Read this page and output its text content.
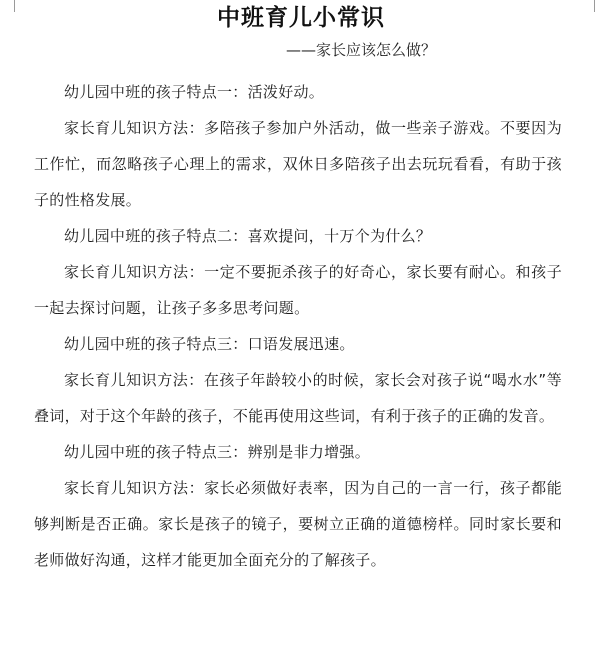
中班育儿小常识
——家长应该怎么做？

幼儿园中班的孩子特点一：活泼好动。

家长育儿知识方法：多陪孩子参加户外活动，做一些亲子游戏。不要因为工作忙，而忽略孩子心理上的需求，双休日多陪孩子出去玩玩看看，有助于孩子的性格发展。

幼儿园中班的孩子特点二：喜欢提问，十万个为什么？

家长育儿知识方法：一定不要扼杀孩子的好奇心，家长要有耐心。和孩子一起去探讨问题，让孩子多多思考问题。

幼儿园中班的孩子特点三：口语发展迅速。

家长育儿知识方法：在孩子年龄较小的时候，家长会对孩子说“喝水水”等叠词，对于这个年龄的孩子，不能再使用这些词，有利于孩子的正确的发音。

幼儿园中班的孩子特点三：辨别是非力增强。

家长育儿知识方法：家长必须做好表率，因为自己的一言一行，孩子都能够判断是否正确。家长是孩子的镜子，要树立正确的道德榜样。同时家长要和老师做好沟通，这样才能更加全面充分的了解孩子。
